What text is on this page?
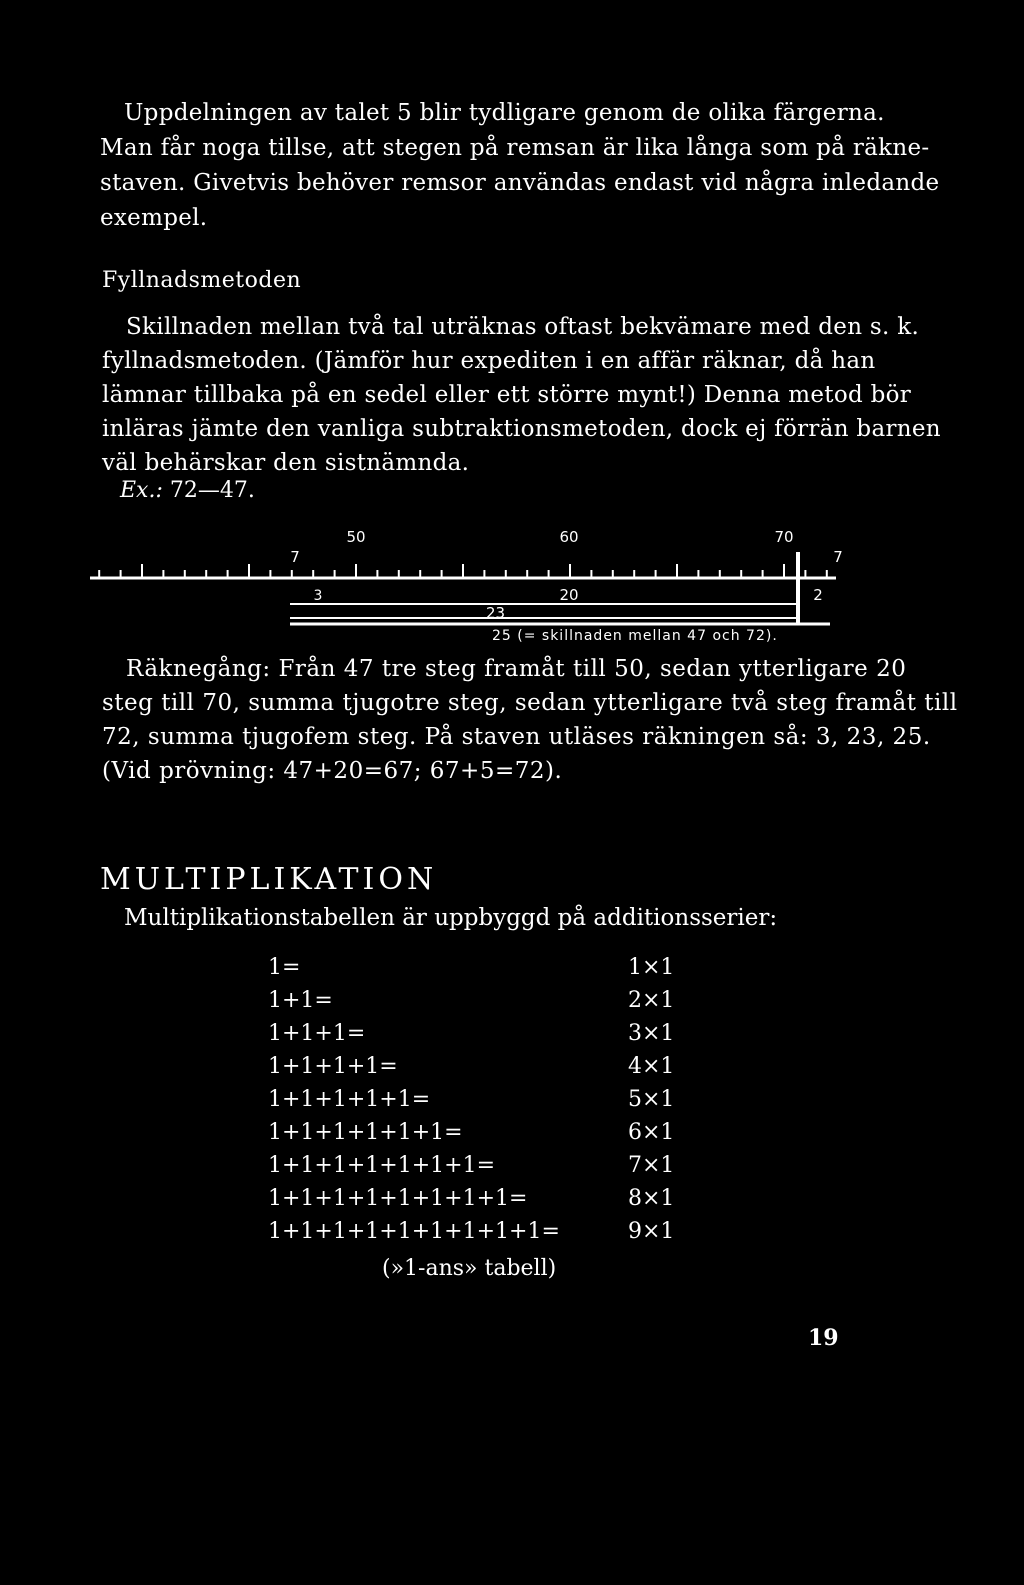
Uppdelningen av talet 5 blir tydligare genom de olika färgerna.
Man får noga tillse, att stegen på remsan är lika långa som på räkne-
staven. Givetvis behöver remsor användas endast vid några inledande
exempel.
Fyllnadsmetoden
Skillnaden mellan två tal uträknas oftast bekvämare med den s. k.
fyllnadsmetoden. (Jämför hur expediten i en affär räknar, då han
lämnar tillbaka på en sedel eller ett större mynt!) Denna metod bör
inläras jämte den vanliga subtraktionsmetoden, dock ej förrän barnen
väl behärskar den sistnämnda.
Ex.: 72—47.
50	60	70
7	7
3	20	2
23
25 (= skillnaden mellan 47 och 72).
Räknegång: Från 47 tre steg framåt till 50, sedan ytterligare 20
steg till 70, summa tjugotre steg, sedan ytterligare två steg framåt till
72, summa tjugofem steg. På staven utläses räkningen så: 3, 23, 25.
(Vid prövning: 47+20=67; 67+5=72).
MULTIPLIKATION
Multiplikationstabellen är uppbyggd på additionsserier:
1=	1×1
1+1=	2×1
1+1+1=	3×1
1+1+1+1=	4×1
1+1+1+1+1=	5×1
1+1+1+1+1+1=	6×1
1+1+1+1+1+1+1=	7×1
1+1+1+1+1+1+1+1=	8×1
1+1+1+1+1+1+1+1+1=	9×1
(»1-ans» tabell)
19
